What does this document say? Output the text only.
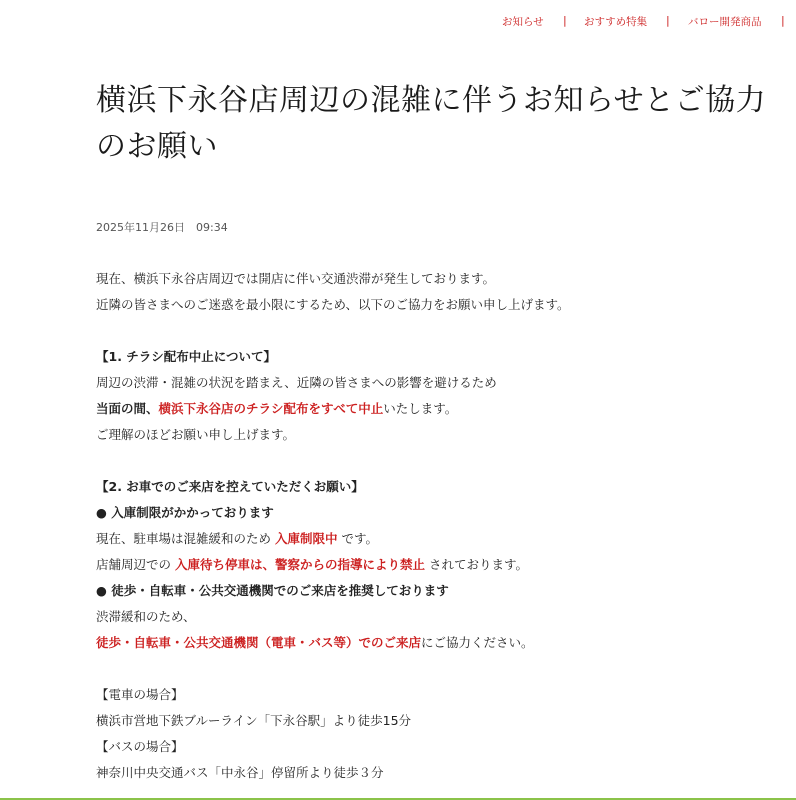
お知らせ | おすすめ特集 | バロー開発商品 |
横浜下永谷店周辺の混雑に伴うお知らせとご協力のお願い
2025年11月26日　09:34
現在、横浜下永谷店周辺では開店に伴い交通渋滞が発生しております。
近隣の皆さまへのご迷惑を最小限にするため、以下のご協力をお願い申し上げます。
【1. チラシ配布中止について】
周辺の渋滞・混雑の状況を踏まえ、近隣の皆さまへの影響を避けるため
当面の間、横浜下永谷店のチラシ配布をすべて中止いたします。
ご理解のほどお願い申し上げます。
【2. お車でのご来店を控えていただくお願い】
● 入庫制限がかかっております
現在、駐車場は混雑緩和のため 入庫制限中 です。
店舗周辺での 入庫待ち停車は、警察からの指導により禁止 されております。
● 徒歩・自転車・公共交通機関でのご来店を推奨しております
渋滞緩和のため、
徒歩・自転車・公共交通機関（電車・バス等）でのご来店にご協力ください。
【電車の場合】
横浜市営地下鉄ブルーライン「下永谷駅」より徒歩15分
【バスの場合】
神奈川中央交通バス「中永谷」停留所より徒歩３分
